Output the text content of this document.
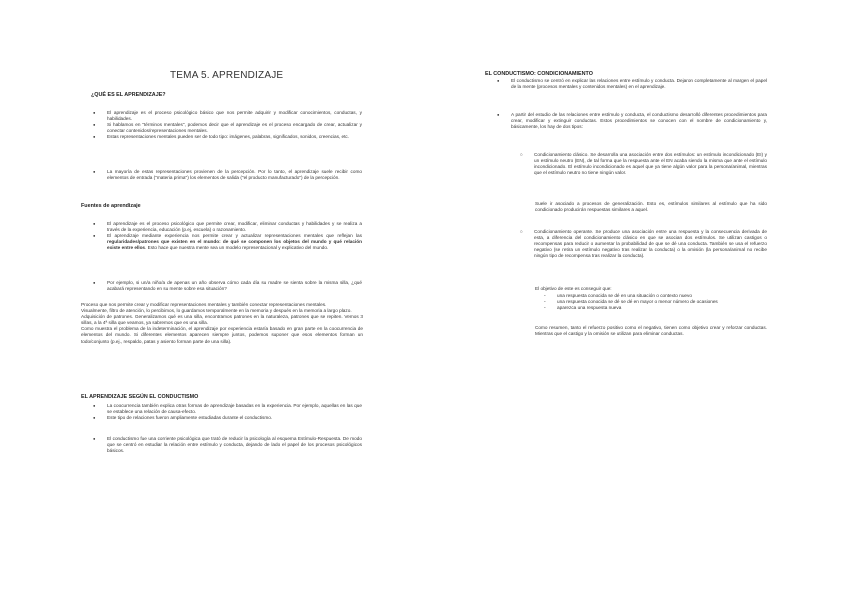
TEMA 5. APRENDIZAJE
¿QUÉ ES EL APRENDIZAJE?
● El aprendizaje es el proceso psicológico básico que nos permite adquirir y modificar conocimientos, conductas, y habilidades.
● Si hablamos en "términos mentales", podemos decir que el aprendizaje es el proceso encargado de crear, actualizar y conectar contenidos/representaciones mentales.
● Estas representaciones mentales pueden ser de todo tipo: imágenes, palabras, significados, sonidos, creencias, etc.
● La mayoría de estas representaciones provienen de la percepción. Por lo tanto, el aprendizaje suele recibir como elementos de entrada ("materia prima") los elementos de salida ("el producto manufacturado") de la percepción.
Fuentes de aprendizaje
● El aprendizaje es el proceso psicológico que permite crear, modificar, eliminar conductas y habilidades y se realiza a través de la experiencia, educación (p.ej, escuela) o razonamiento.
● El aprendizaje mediante experiencia nos permite crear y actualizar representaciones mentales que reflejan las regularidades/patrones que existen en el mundo: de qué se componen los objetos del mundo y qué relación existe entre ellos. Esto hace que nuestra mente sea un modelo representacional y explicativo del mundo.
● Por ejemplo, si un/a niño/a de apenas un año observa cómo cada día su madre se sienta sobre la misma silla, ¿qué acabará representando en su mente sobre esa situación?

Proceso que nos permite crear y modificar representaciones mentales y también conectar representaciones mentales.

Visualmente, filtro de atención, lo percibimos, lo guardamos temporalmente en la memoria y después en la memoria a largo plazo.

Adquisición de patrones. Generalizamos qué es una silla, encontramos patrones en la naturaleza, patrones que se repiten. Vemos 3 sillas, a la 4ª silla que veamos, ya sabremos que es una silla.

Como muestra el problema de la indeterminación, el aprendizaje por experiencia estaría basado en gran parte en la coocurrencia de elementos del mundo. Si diferentes elementos aparecen siempre juntos, podemos suponer que esos elementos forman un todo/conjunto (p.ej., respaldo, patas y asiento forman parte de una silla).

EL APRENDIZAJE SEGÚN EL CONDUCTISMO
● La coocurrencia también explica otras formas de aprendizaje basadas en la experiencia. Por ejemplo, aquellas en las que se establece una relación de causa-efecto.
● Este tipo de relaciones fueron ampliamente estudiadas durante el conductismo.
● El conductismo fue una corriente psicológica que trató de reducir la psicología al esquema Estímulo-Respuesta. De modo que se centró en estudiar la relación entre estímulo y conducta, dejando de lado el papel de los procesos psicológicos básicos.
EL CONDUCTISMO: CONDICIONAMIENTO
● El conductismo se centró en explicar las relaciones entre estímulo y conducta. Dejaron completamente al margen el papel de la mente (procesos mentales y contenidos mentales) en el aprendizaje.
● A partir del estudio de las relaciones entre estímulo y conducta, el conductismo desarrolló diferentes procedimientos para crear, modificar y extinguir conductas. Estos procedimientos se conocen con el nombre de condicionamiento y, básicamente, los hay de dos tipos:
○ Condicionamiento clásico. Se desarrolla una asociación entre dos estímulos: un estímulo incondicionado (EI) y un estímulo neutro (EN), de tal forma que la respuesta ante el EN acaba siendo la misma que ante el estímulo incondicionado. El estímulo incondicionado es aquel que ya tiene algún valor para la persona/animal, mientras que el estímulo neutro no tiene ningún valor.

Suele ir asociado a procesos de generalización. Esto es, estímulos similares al estímulo que ha sido condicionado producirán respuestas similares a aquel.

○ Condicionamiento operante. Se produce una asociación entre una respuesta y la consecuencia derivada de esta, a diferencia del condicionamiento clásico en que se asocian dos estímulos. Se utilizan castigos o recompensas para reducir o aumentar la probabilidad de que se dé una conducta. También se usa el refuerzo negativo (se retira un estímulo negativo tras realizar la conducta) o la omisión (la persona/animal no recibe ningún tipo de recompensa tras realizar la conducta).

El objetivo de este es conseguir que:

- una respuesta conocida se dé en una situación o contexto nuevo
- una respuesta conocida se dé se dé en mayor o menor número de ocasiones
- aparezca una respuesta nueva

Como resumen, tanto el refuerzo positivo como el negativo, tienen como objetivo crear y reforzar conductas. Mientras que el castigo y la omisión se utilizan para eliminar conductas.
